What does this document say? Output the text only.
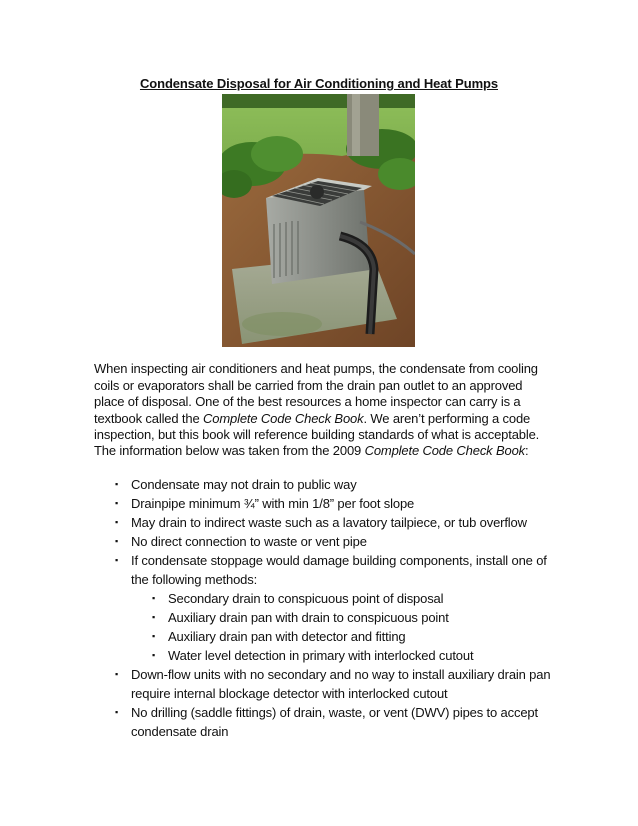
Condensate Disposal for Air Conditioning and Heat Pumps
When inspecting air conditioners and heat pumps, the condensate from cooling coils or evaporators shall be carried from the drain pan outlet to an approved place of disposal. One of the best resources a home inspector can carry is a textbook called the Complete Code Check Book. We aren’t performing a code inspection, but this book will reference building standards of what is acceptable.
The information below was taken from the 2009 Complete Code Check Book:
▪ Condensate may not drain to public way
▪ Drainpipe minimum ¾” with min 1/8” per foot slope
▪ May drain to indirect waste such as a lavatory tailpiece, or tub overflow
▪ No direct connection to waste or vent pipe
▪ If condensate stoppage would damage building components, install one of the following methods:
▪ Secondary drain to conspicuous point of disposal
▪ Auxiliary drain pan with drain to conspicuous point
▪ Auxiliary drain pan with detector and fitting
▪ Water level detection in primary with interlocked cutout
▪ Down-flow units with no secondary and no way to install auxiliary drain pan require internal blockage detector with interlocked cutout
▪ No drilling (saddle fittings) of drain, waste, or vent (DWV) pipes to accept condensate drain
